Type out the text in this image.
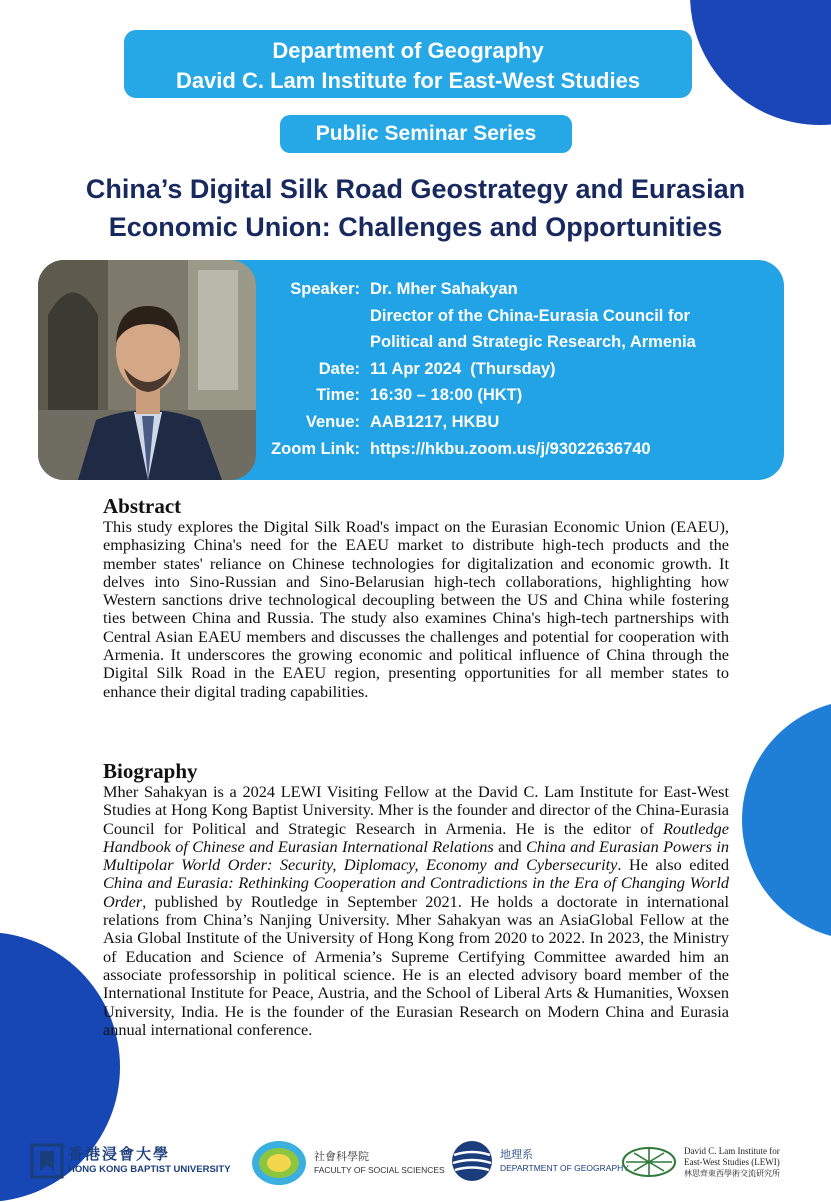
Department of Geography
David C. Lam Institute for East-West Studies
Public Seminar Series
China’s Digital Silk Road Geostrategy and Eurasian
Economic Union: Challenges and Opportunities
Speaker: Dr. Mher Sahakyan
Director of the China-Eurasia Council for
Political and Strategic Research, Armenia
Date: 11 Apr 2024  (Thursday)
Time: 16:30 – 18:00 (HKT)
Venue: AAB1217, HKBU
Zoom Link: https://hkbu.zoom.us/j/93022636740
Abstract
This study explores the Digital Silk Road's impact on the Eurasian Economic Union (EAEU), emphasizing China's need for the EAEU market to distribute high-tech products and the member states' reliance on Chinese technologies for digitalization and economic growth. It delves into Sino-Russian and Sino-Belarusian high-tech collaborations, highlighting how Western sanctions drive technological decoupling between the US and China while fostering ties between China and Russia. The study also examines China's high-tech partnerships with Central Asian EAEU members and discusses the challenges and potential for cooperation with Armenia. It underscores the growing economic and political influence of China through the Digital Silk Road in the EAEU region, presenting opportunities for all member states to enhance their digital trading capabilities.
Biography
Mher Sahakyan is a 2024 LEWI Visiting Fellow at the David C. Lam Institute for East-West Studies at Hong Kong Baptist University. Mher is the founder and director of the China-Eurasia Council for Political and Strategic Research in Armenia. He is the editor of Routledge Handbook of Chinese and Eurasian International Relations and China and Eurasian Powers in Multipolar World Order: Security, Diplomacy, Economy and Cybersecurity. He also edited China and Eurasia: Rethinking Cooperation and Contradictions in the Era of Changing World Order, published by Routledge in September 2021. He holds a doctorate in international relations from China’s Nanjing University. Mher Sahakyan was an AsiaGlobal Fellow at the Asia Global Institute of the University of Hong Kong from 2020 to 2022. In 2023, the Ministry of Education and Science of Armenia’s Supreme Certifying Committee awarded him an associate professorship in political science. He is an elected advisory board member of the International Institute for Peace, Austria, and the School of Liberal Arts & Humanities, Woxsen University, India. He is the founder of the Eurasian Research on Modern China and Eurasia annual international conference.
香港浸會大學
HONG KONG BAPTIST UNIVERSITY
社會科學院
FACULTY OF SOCIAL SCIENCES
地理系
DEPARTMENT OF GEOGRAPHY
David C. Lam Institute for
East-West Studies (LEWI)
林思齊東西學術交流研究所
